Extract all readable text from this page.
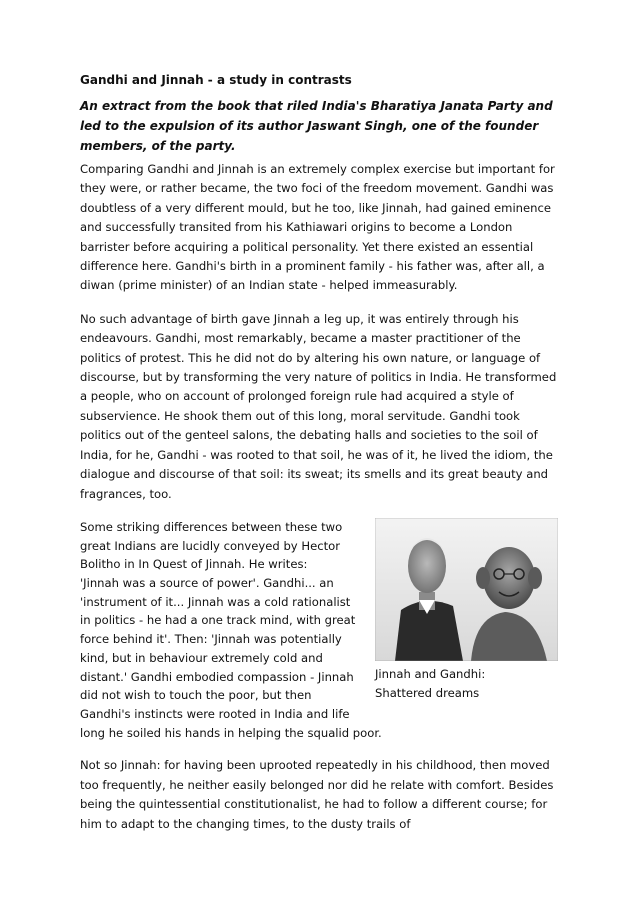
Gandhi and Jinnah - a study in contrasts
An extract from the book that riled India's Bharatiya Janata Party and led to the expulsion of its author Jaswant Singh, one of the founder members, of the party.

Comparing Gandhi and Jinnah is an extremely complex exercise but important for they were, or rather became, the two foci of the freedom movement. Gandhi was doubtless of a very different mould, but he too, like Jinnah, had gained eminence and successfully transited from his Kathiawari origins to become a London barrister before acquiring a political personality. Yet there existed an essential difference here. Gandhi's birth in a prominent family - his father was, after all, a diwan (prime minister) of an Indian state - helped immeasurably.

No such advantage of birth gave Jinnah a leg up, it was entirely through his endeavours. Gandhi, most remarkably, became a master practitioner of the politics of protest. This he did not do by altering his own nature, or language of discourse, but by transforming the very nature of politics in India. He transformed a people, who on account of prolonged foreign rule had acquired a style of subservience. He shook them out of this long, moral servitude. Gandhi took politics out of the genteel salons, the debating halls and societies to the soil of India, for he, Gandhi - was rooted to that soil, he was of it, he lived the idiom, the dialogue and discourse of that soil: its sweat; its smells and its great beauty and fragrances, too.

Jinnah and Gandhi: Shattered dreams
Some striking differences between these two
great Indians are lucidly conveyed by Hector
Bolitho in In Quest of Jinnah. He writes:
'Jinnah was a source of power'. Gandhi... an
'instrument of it... Jinnah was a cold rationalist
in politics - he had a one track mind, with great
force behind it'. Then: 'Jinnah was potentially
kind, but in behaviour extremely cold and
distant.' Gandhi embodied compassion - Jinnah
did not wish to touch the poor, but then
Gandhi's instincts were rooted in India and life
long he soiled his hands in helping the squalid poor.

Not so Jinnah: for having been uprooted repeatedly in his childhood, then moved too frequently, he neither easily belonged nor did he relate with comfort. Besides being the quintessential constitutionalist, he had to follow a different course; for him to adapt to the changing times, to the dusty trails of
